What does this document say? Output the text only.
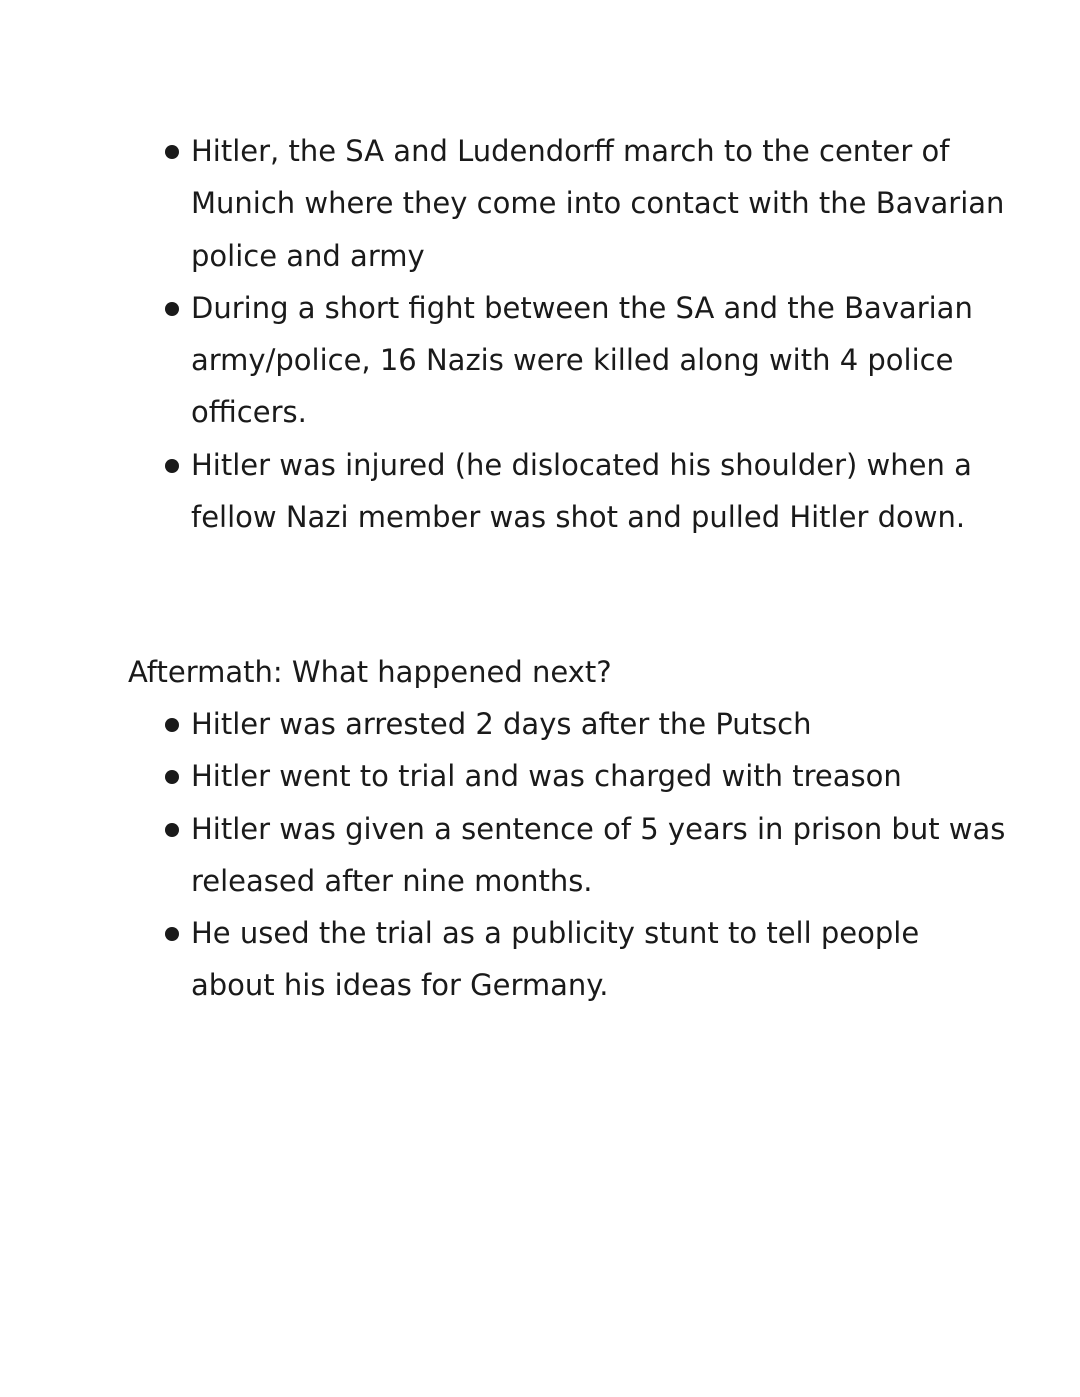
Hitler, the SA and Ludendorff march to the center of Munich where they come into contact with the Bavarian police and army
During a short fight between the SA and the Bavarian army/police, 16 Nazis were killed along with 4 police officers.
Hitler was injured (he dislocated his shoulder) when a fellow Nazi member was shot and pulled Hitler down.
Aftermath: What happened next?
Hitler was arrested 2 days after the Putsch
Hitler went to trial and was charged with treason
Hitler was given a sentence of 5 years in prison but was released after nine months.
He used the trial as a publicity stunt to tell people about his ideas for Germany.
